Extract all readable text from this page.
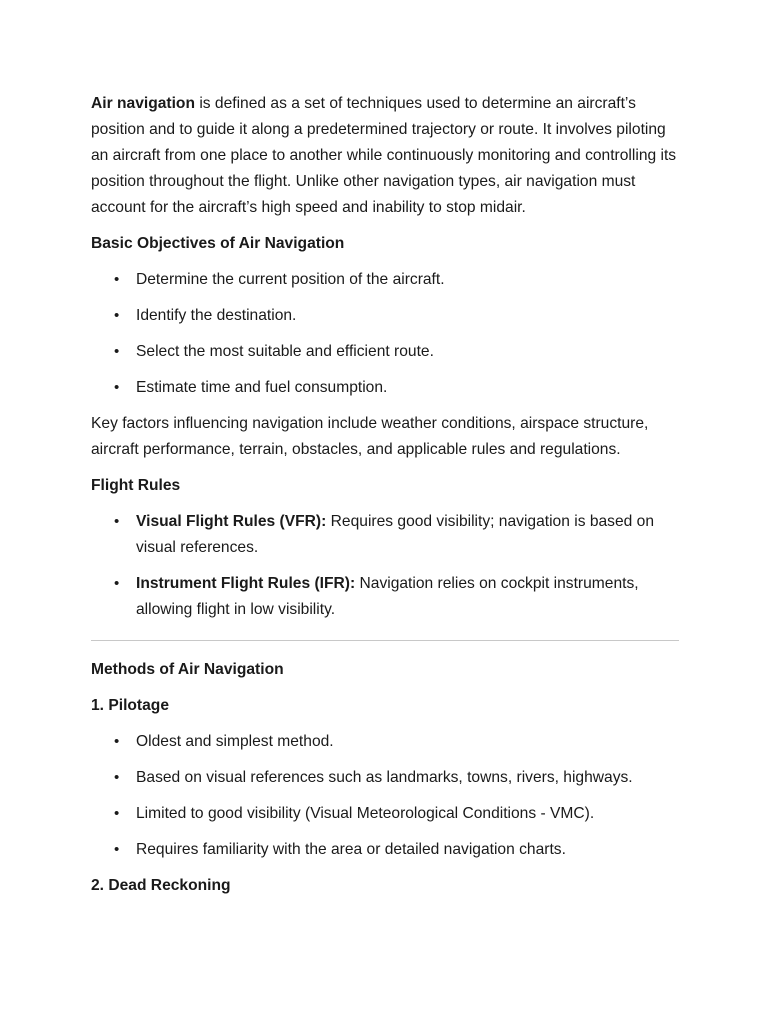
Air navigation is defined as a set of techniques used to determine an aircraft’s position and to guide it along a predetermined trajectory or route. It involves piloting an aircraft from one place to another while continuously monitoring and controlling its position throughout the flight. Unlike other navigation types, air navigation must account for the aircraft’s high speed and inability to stop midair.

Basic Objectives of Air Navigation

• Determine the current position of the aircraft.
• Identify the destination.
• Select the most suitable and efficient route.
• Estimate time and fuel consumption.

Key factors influencing navigation include weather conditions, airspace structure, aircraft performance, terrain, obstacles, and applicable rules and regulations.

Flight Rules

• Visual Flight Rules (VFR): Requires good visibility; navigation is based on visual references.
• Instrument Flight Rules (IFR): Navigation relies on cockpit instruments, allowing flight in low visibility.

Methods of Air Navigation

1. Pilotage

• Oldest and simplest method.
• Based on visual references such as landmarks, towns, rivers, highways.
• Limited to good visibility (Visual Meteorological Conditions - VMC).
• Requires familiarity with the area or detailed navigation charts.

2. Dead Reckoning
